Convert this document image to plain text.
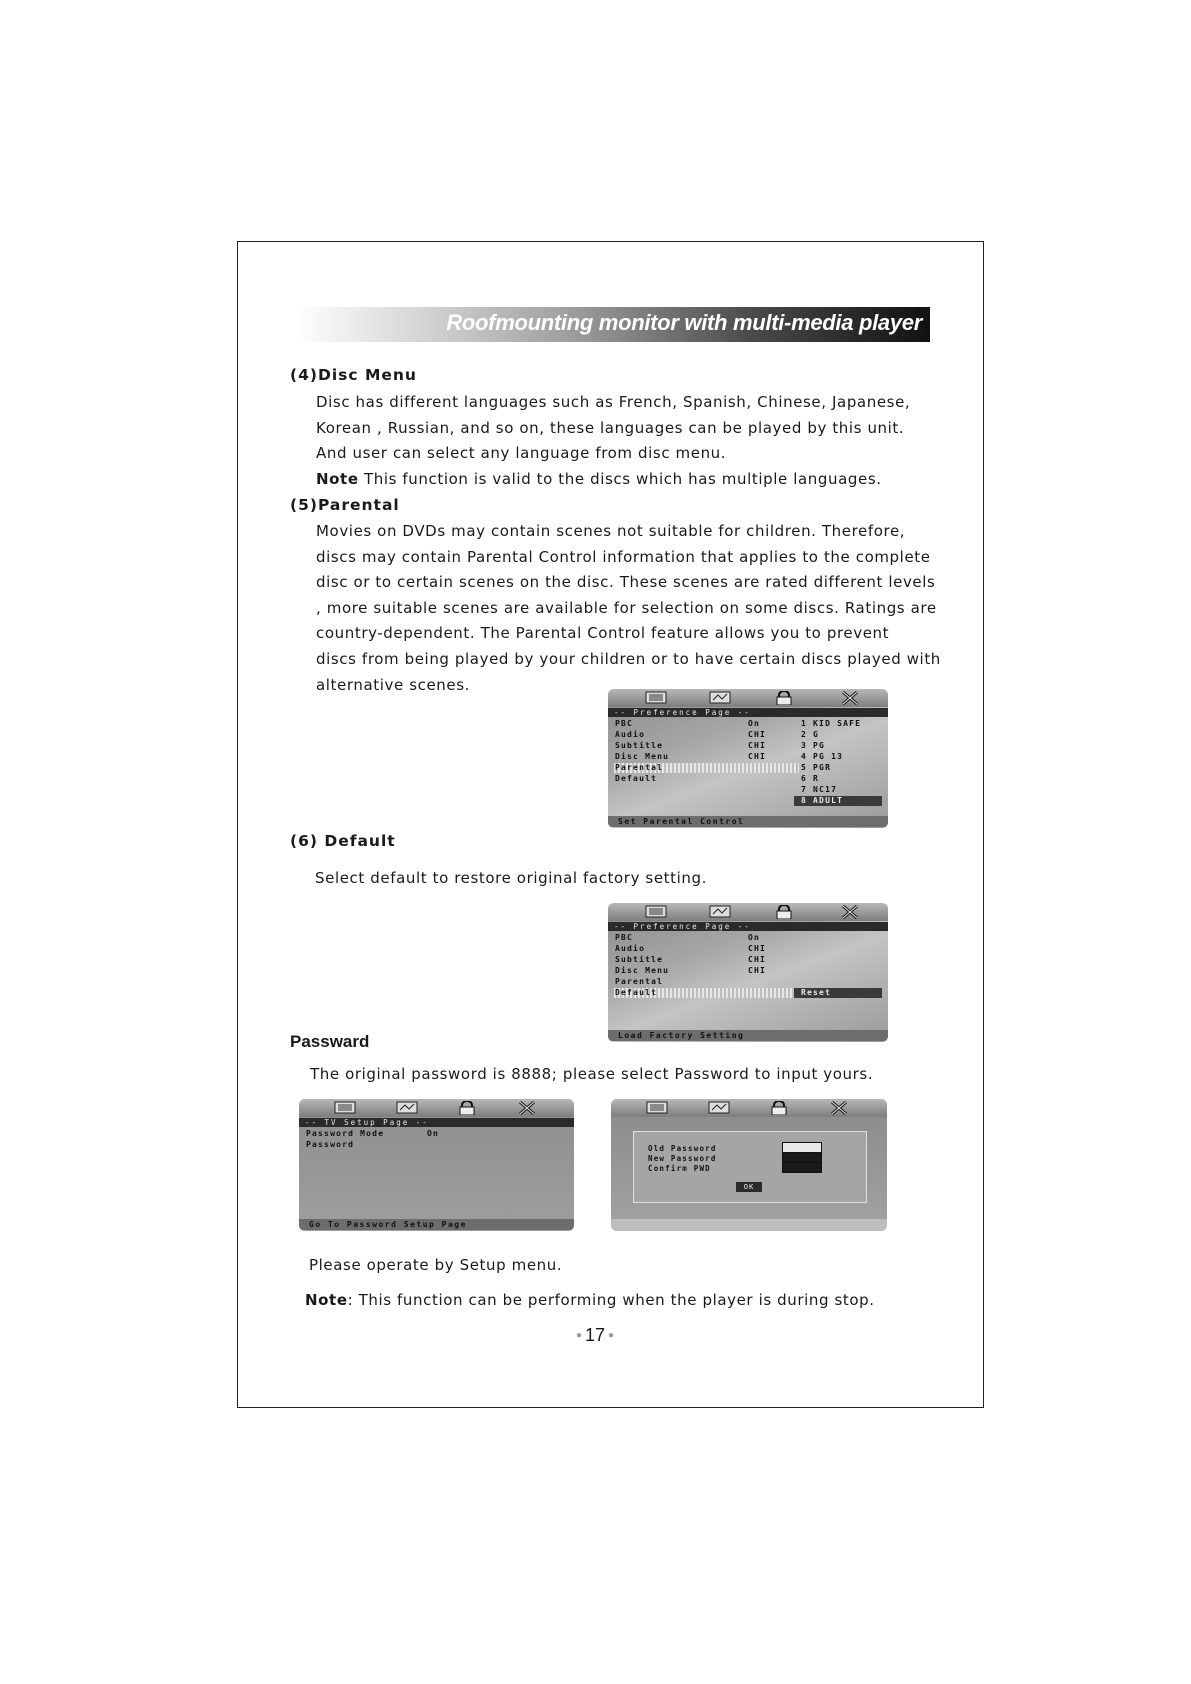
Roofmounting monitor with multi-media player
(4)Disc Menu
Disc has different languages such as French, Spanish, Chinese, Japanese,
Korean , Russian, and so on, these languages can be played by this unit.
And user can select any language from disc menu.
Note This function is valid to the discs which has multiple languages.
(5)Parental
Movies on DVDs may contain scenes not suitable for children. Therefore,
discs may contain Parental Control information that applies to the complete
disc or to certain scenes on the disc. These scenes are rated different levels
, more suitable scenes are available for selection on some discs. Ratings are
country-dependent. The Parental Control feature allows you to prevent
discs from being played by your children or to have certain discs played with
alternative scenes.
-- Preference Page --
PBC
Audio
Subtitle
Disc Menu
Parental
Default
On
CHI
CHI
CHI
1 KID SAFE
2 G
3 PG
4 PG 13
5 PGR
6 R
7 NC17
8 ADULT
Set Parental Control
(6) Default
Select default to restore original factory setting.
-- Preference Page --
PBC
Audio
Subtitle
Disc Menu
Parental
Default
On
CHI
CHI
CHI
Reset
Load Factory Setting
Passward
The original password is 8888; please select Password to input yours.
-- TV Setup Page --
Password Mode
Password
On
Go To Password Setup Page
Old Password
New Password
Confirm PWD
OK
Please operate by Setup menu.
Note: This function can be performing when the player is during stop.
● 17 ●
